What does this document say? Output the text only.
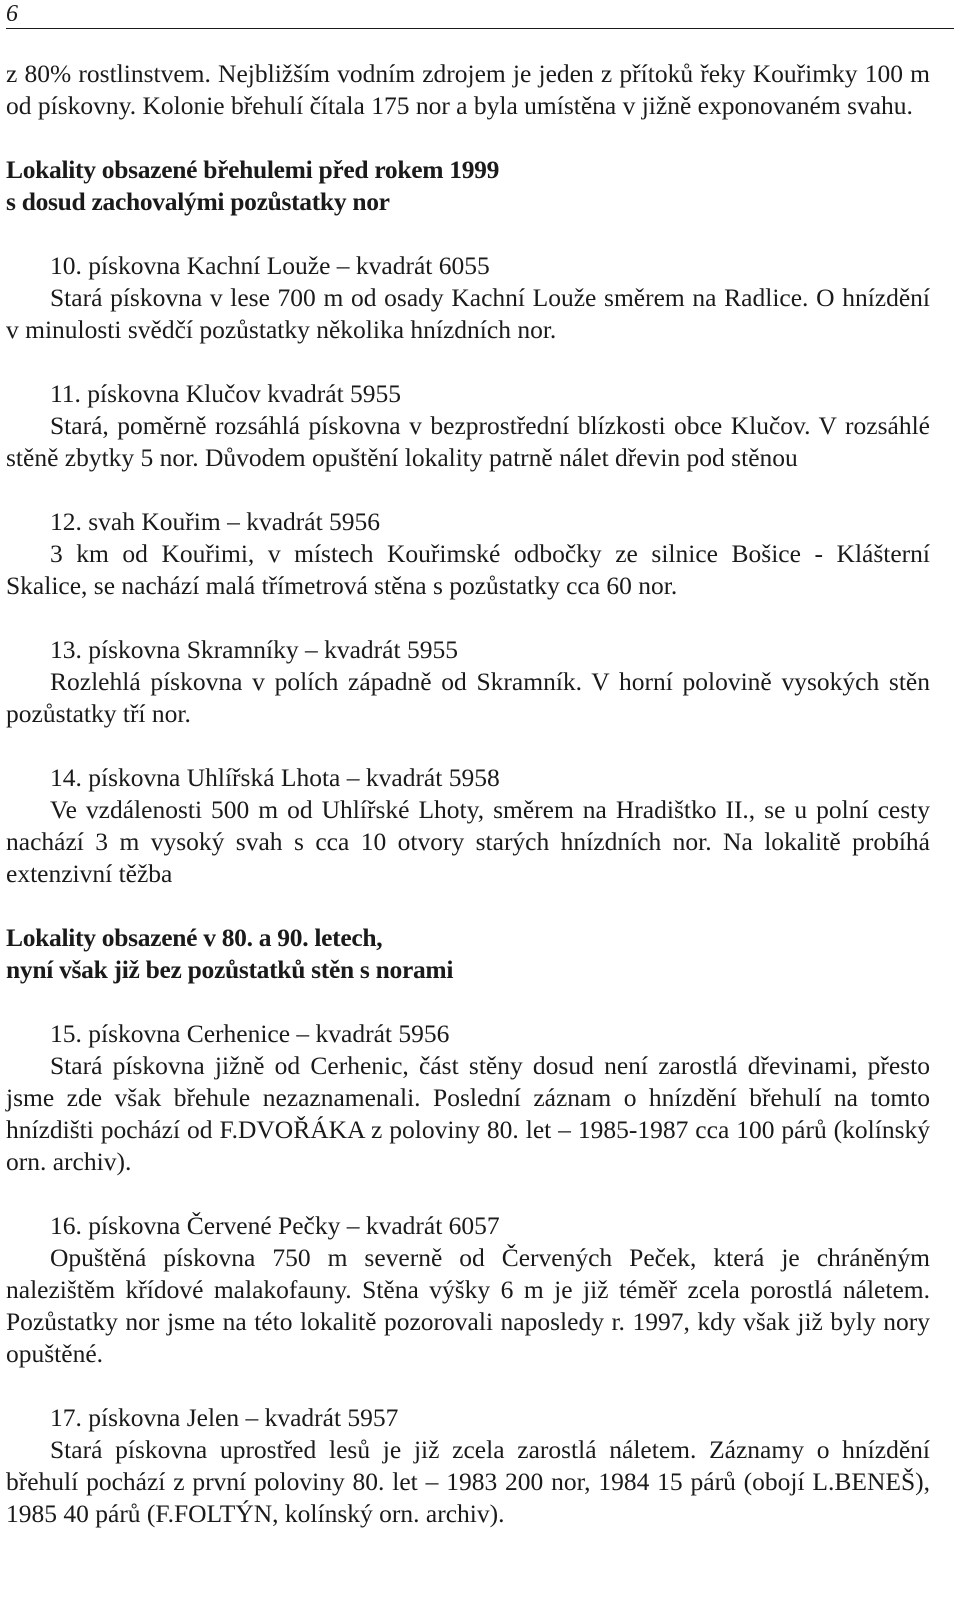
6

z 80% rostlinstvem. Nejbližším vodním zdrojem je jeden z přítoků řeky Kouřimky 100 m od pískovny. Kolonie břehulí čítala 175 nor a byla umístěna v jižně exponovaném svahu.

Lokality obsazené břehulemi před rokem 1999
s dosud zachovalými pozůstatky nor

10. pískovna Kachní Louže – kvadrát 6055

Stará pískovna v lese 700 m od osady Kachní Louže směrem na Radlice. O hnízdění v minulosti svědčí pozůstatky několika hnízdních nor.

11. pískovna Klučov kvadrát 5955

Stará, poměrně rozsáhlá pískovna v bezprostřední blízkosti obce Klučov. V rozsáhlé stěně zbytky 5 nor. Důvodem opuštění lokality patrně nálet dřevin pod stěnou

12. svah Kouřim – kvadrát 5956

3 km od Kouřimi, v místech Kouřimské odbočky ze silnice Bošice - Klášterní Skalice, se nachází malá třímetrová stěna s pozůstatky cca 60 nor.

13. pískovna Skramníky – kvadrát 5955

Rozlehlá pískovna v polích západně od Skramník. V horní polovině vysokých stěn pozůstatky tří nor.

14. pískovna Uhlířská Lhota – kvadrát 5958

Ve vzdálenosti 500 m od Uhlířské Lhoty, směrem na Hradištko II., se u polní cesty nachází 3 m vysoký svah s cca 10 otvory starých hnízdních nor. Na lokalitě probíhá extenzivní těžba

Lokality obsazené v 80. a 90. letech,
nyní však již bez pozůstatků stěn s norami

15. pískovna Cerhenice – kvadrát 5956

Stará pískovna jižně od Cerhenic, část stěny dosud není zarostlá dřevinami, přesto jsme zde však břehule nezaznamenali. Poslední záznam o hnízdění břehulí na tomto hnízdišti pochází od F.DVOŘÁKA z poloviny 80. let – 1985-1987 cca 100 párů (kolínský orn. archiv).

16. pískovna Červené Pečky – kvadrát 6057

Opuštěná pískovna 750 m severně od Červených Peček, která je chráněným nalezištěm křídové malakofauny. Stěna výšky 6 m je již téměř zcela porostlá náletem. Pozůstatky nor jsme na této lokalitě pozorovali naposledy r. 1997, kdy však již byly nory opuštěné.

17. pískovna Jelen – kvadrát 5957

Stará pískovna uprostřed lesů je již zcela zarostlá náletem. Záznamy o hnízdění břehulí pochází z první poloviny 80. let – 1983 200 nor, 1984 15 párů (obojí L.BENEŠ), 1985 40 párů (F.FOLTÝN, kolínský orn. archiv).
